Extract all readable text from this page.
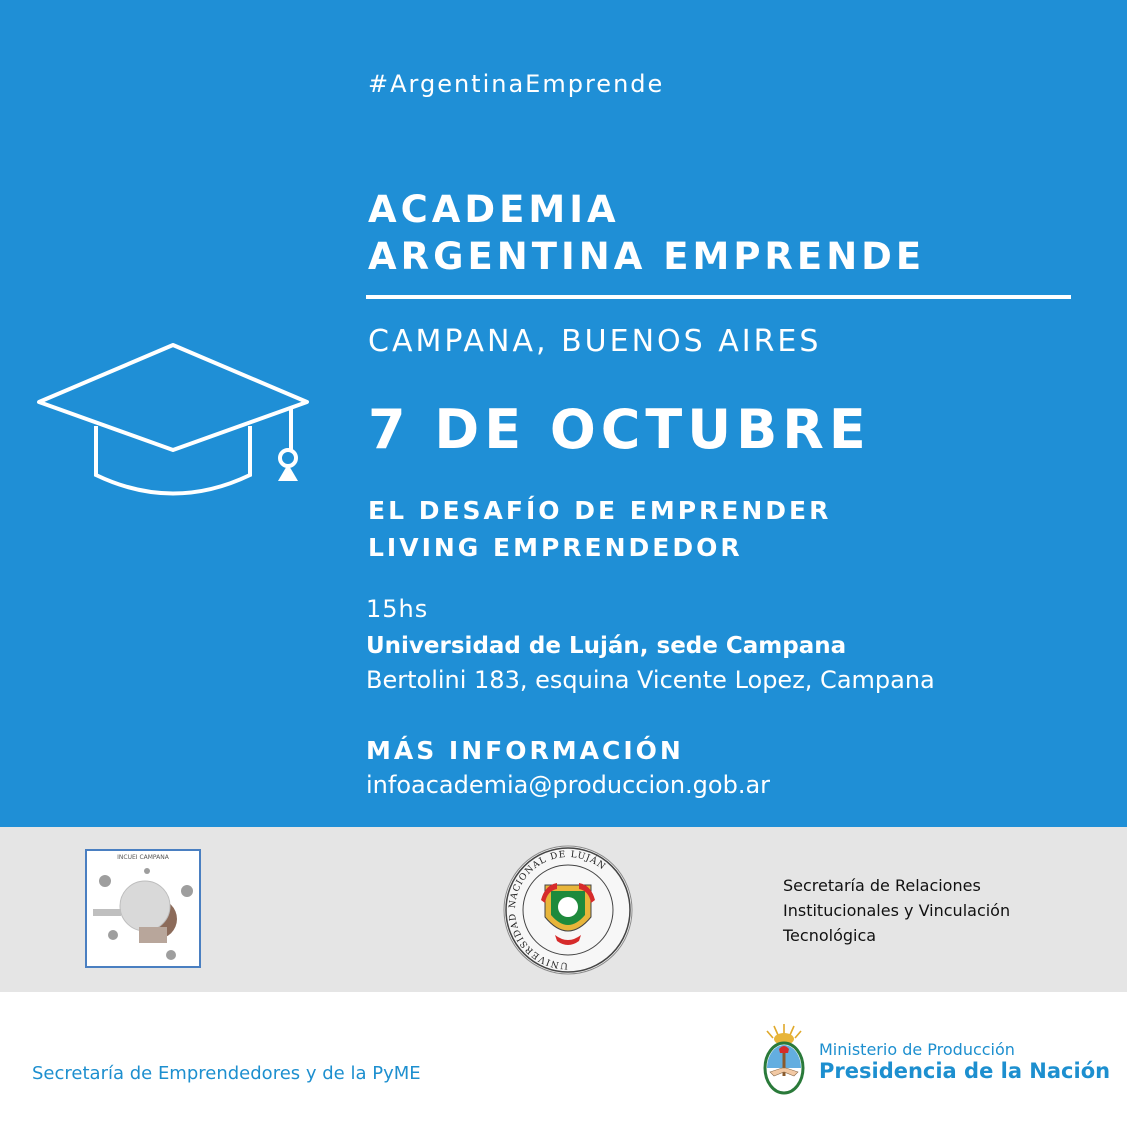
#ArgentinaEmprende
ACADEMIA
ARGENTINA EMPRENDE
CAMPANA, BUENOS AIRES
7 DE OCTUBRE
EL DESAFÍO DE EMPRENDER
LIVING EMPRENDEDOR
15hs
Universidad de Luján, sede Campana
Bertolini 183, esquina Vicente Lopez, Campana
MÁS INFORMACIÓN
infoacademia@produccion.gob.ar
INCUEI CAMPANA
UNIVERSIDAD NACIONAL DE LUJÁN
Secretaría de Relaciones
Institucionales y Vinculación
Tecnológica
Secretaría de Emprendedores y de la PyME
Ministerio de Producción
Presidencia de la Nación
